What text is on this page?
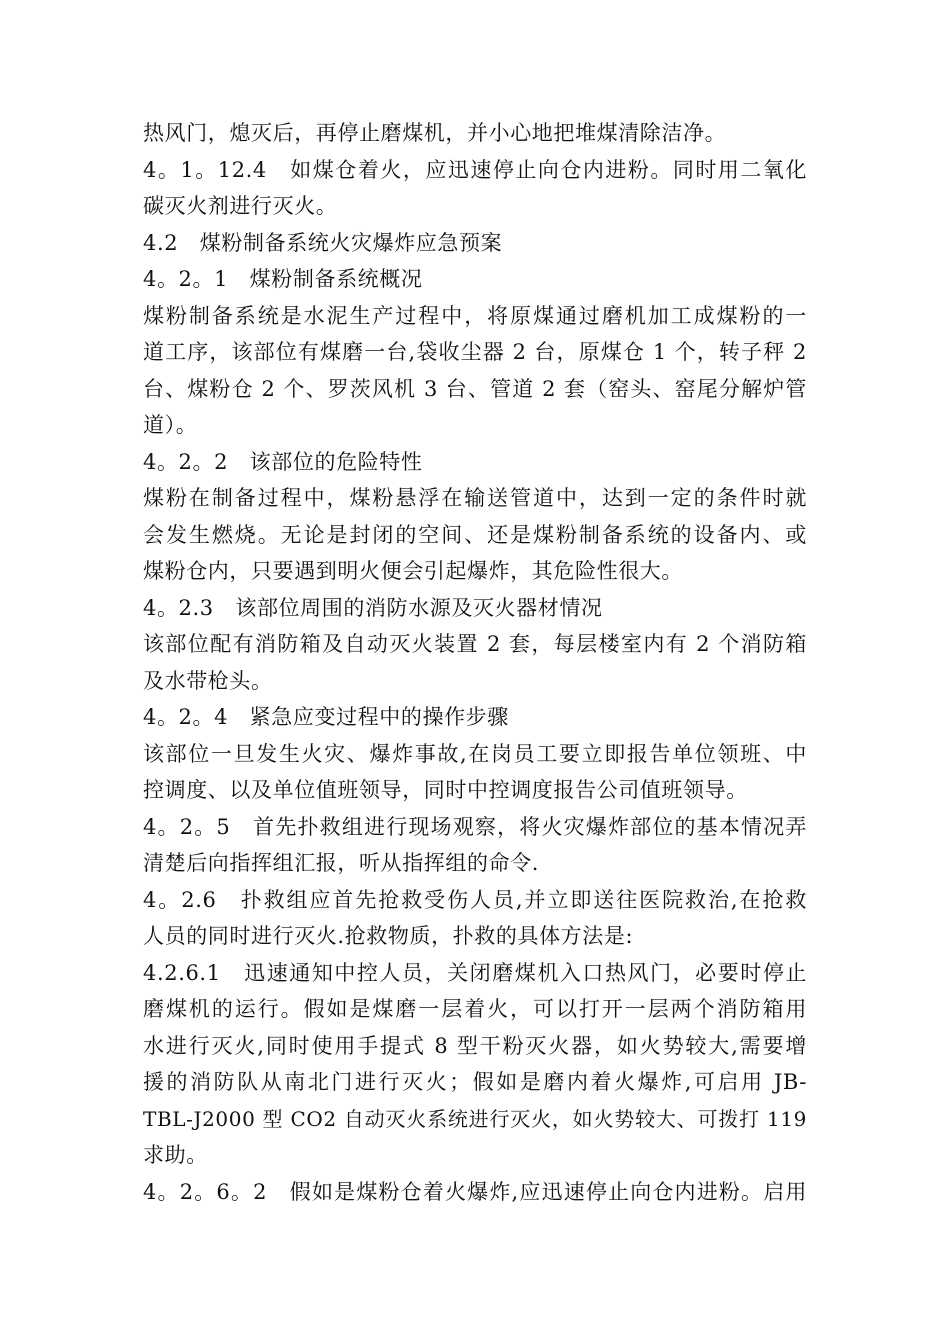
热风门，熄灭后，再停止磨煤机，并小心地把堆煤清除洁净。
4。1。12.4　如煤仓着火，应迅速停止向仓内进粉。同时用二氧化
碳灭火剂进行灭火。
4.2　煤粉制备系统火灾爆炸应急预案
4。2。1　煤粉制备系统概况
煤粉制备系统是水泥生产过程中，将原煤通过磨机加工成煤粉的一
道工序，该部位有煤磨一台,袋收尘器 2 台，原煤仓 1 个，转子秤 2
台、煤粉仓 2 个、罗茨风机 3 台、管道 2 套（窑头、窑尾分解炉管
道）。
4。2。2　该部位的危险特性
煤粉在制备过程中，煤粉悬浮在输送管道中，达到一定的条件时就
会发生燃烧。无论是封闭的空间、还是煤粉制备系统的设备内、或
煤粉仓内，只要遇到明火便会引起爆炸，其危险性很大。
4。2.3　该部位周围的消防水源及灭火器材情况
该部位配有消防箱及自动灭火装置 2 套，每层楼室内有 2 个消防箱
及水带枪头。
4。2。4　紧急应变过程中的操作步骤
该部位一旦发生火灾、爆炸事故,在岗员工要立即报告单位领班、中
控调度、以及单位值班领导，同时中控调度报告公司值班领导。
4。2。5　首先扑救组进行现场观察，将火灾爆炸部位的基本情况弄
清楚后向指挥组汇报，听从指挥组的命令.
4。2.6　扑救组应首先抢救受伤人员,并立即送往医院救治,在抢救
人员的同时进行灭火.抢救物质，扑救的具体方法是:
4.2.6.1　迅速通知中控人员，关闭磨煤机入口热风门，必要时停止
磨煤机的运行。假如是煤磨一层着火，可以打开一层两个消防箱用
水进行灭火,同时使用手提式 8 型干粉灭火器，如火势较大,需要增
援的消防队从南北门进行灭火；假如是磨内着火爆炸,可启用 JB-
TBL-J2000 型 CO2 自动灭火系统进行灭火，如火势较大、可拨打 119
求助。
4。2。6。2　假如是煤粉仓着火爆炸,应迅速停止向仓内进粉。启用
